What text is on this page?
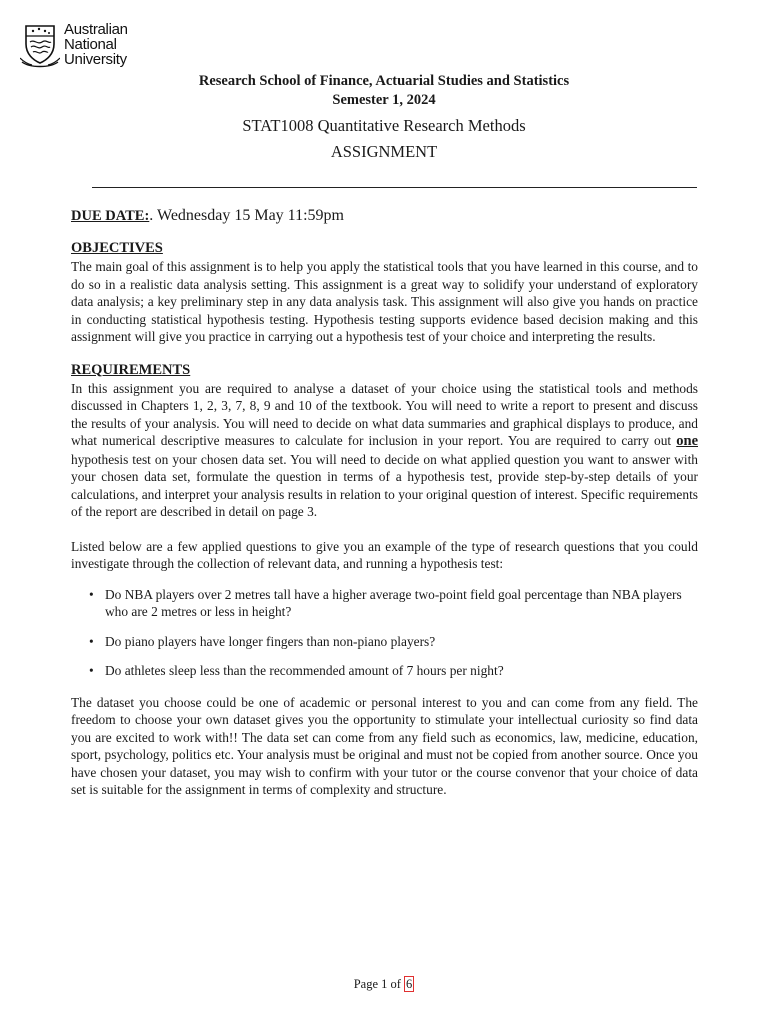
Australian
National
University
Research School of Finance, Actuarial Studies and Statistics
Semester 1, 2024
STAT1008 Quantitative Research Methods
ASSIGNMENT

DUE DATE:. Wednesday 15 May 11:59pm

OBJECTIVES

The main goal of this assignment is to help you apply the statistical tools that you have learned in this course, and to do so in a realistic data analysis setting. This assignment is a great way to solidify your understand of exploratory data analysis; a key preliminary step in any data analysis task. This assignment will also give you hands on practice in conducting statistical hypothesis testing. Hypothesis testing supports evidence based decision making and this assignment will give you practice in carrying out a hypothesis test of your choice and interpreting the results.

REQUIREMENTS

In this assignment you are required to analyse a dataset of your choice using the statistical tools and methods discussed in Chapters 1, 2, 3, 7, 8, 9 and 10 of the textbook. You will need to write a report to present and discuss the results of your analysis. You will need to decide on what data summaries and graphical displays to produce, and what numerical descriptive measures to calculate for inclusion in your report. You are required to carry out one hypothesis test on your chosen data set. You will need to decide on what applied question you want to answer with your chosen data set, formulate the question in terms of a hypothesis test, provide step-by-step details of your calculations, and interpret your analysis results in relation to your original question of interest. Specific requirements of the report are described in detail on page 3.

Listed below are a few applied questions to give you an example of the type of research questions that you could investigate through the collection of relevant data, and running a hypothesis test:

• Do NBA players over 2 metres tall have a higher average two-point field goal percentage than NBA players who are 2 metres or less in height?
• Do piano players have longer fingers than non-piano players?
• Do athletes sleep less than the recommended amount of 7 hours per night?

The dataset you choose could be one of academic or personal interest to you and can come from any field. The freedom to choose your own dataset gives you the opportunity to stimulate your intellectual curiosity so find data you are excited to work with!! The data set can come from any field such as economics, law, medicine, education, sport, psychology, politics etc. Your analysis must be original and must not be copied from another source. Once you have chosen your dataset, you may wish to confirm with your tutor or the course convenor that your choice of data set is suitable for the assignment in terms of complexity and structure.

Page 1 of 6
